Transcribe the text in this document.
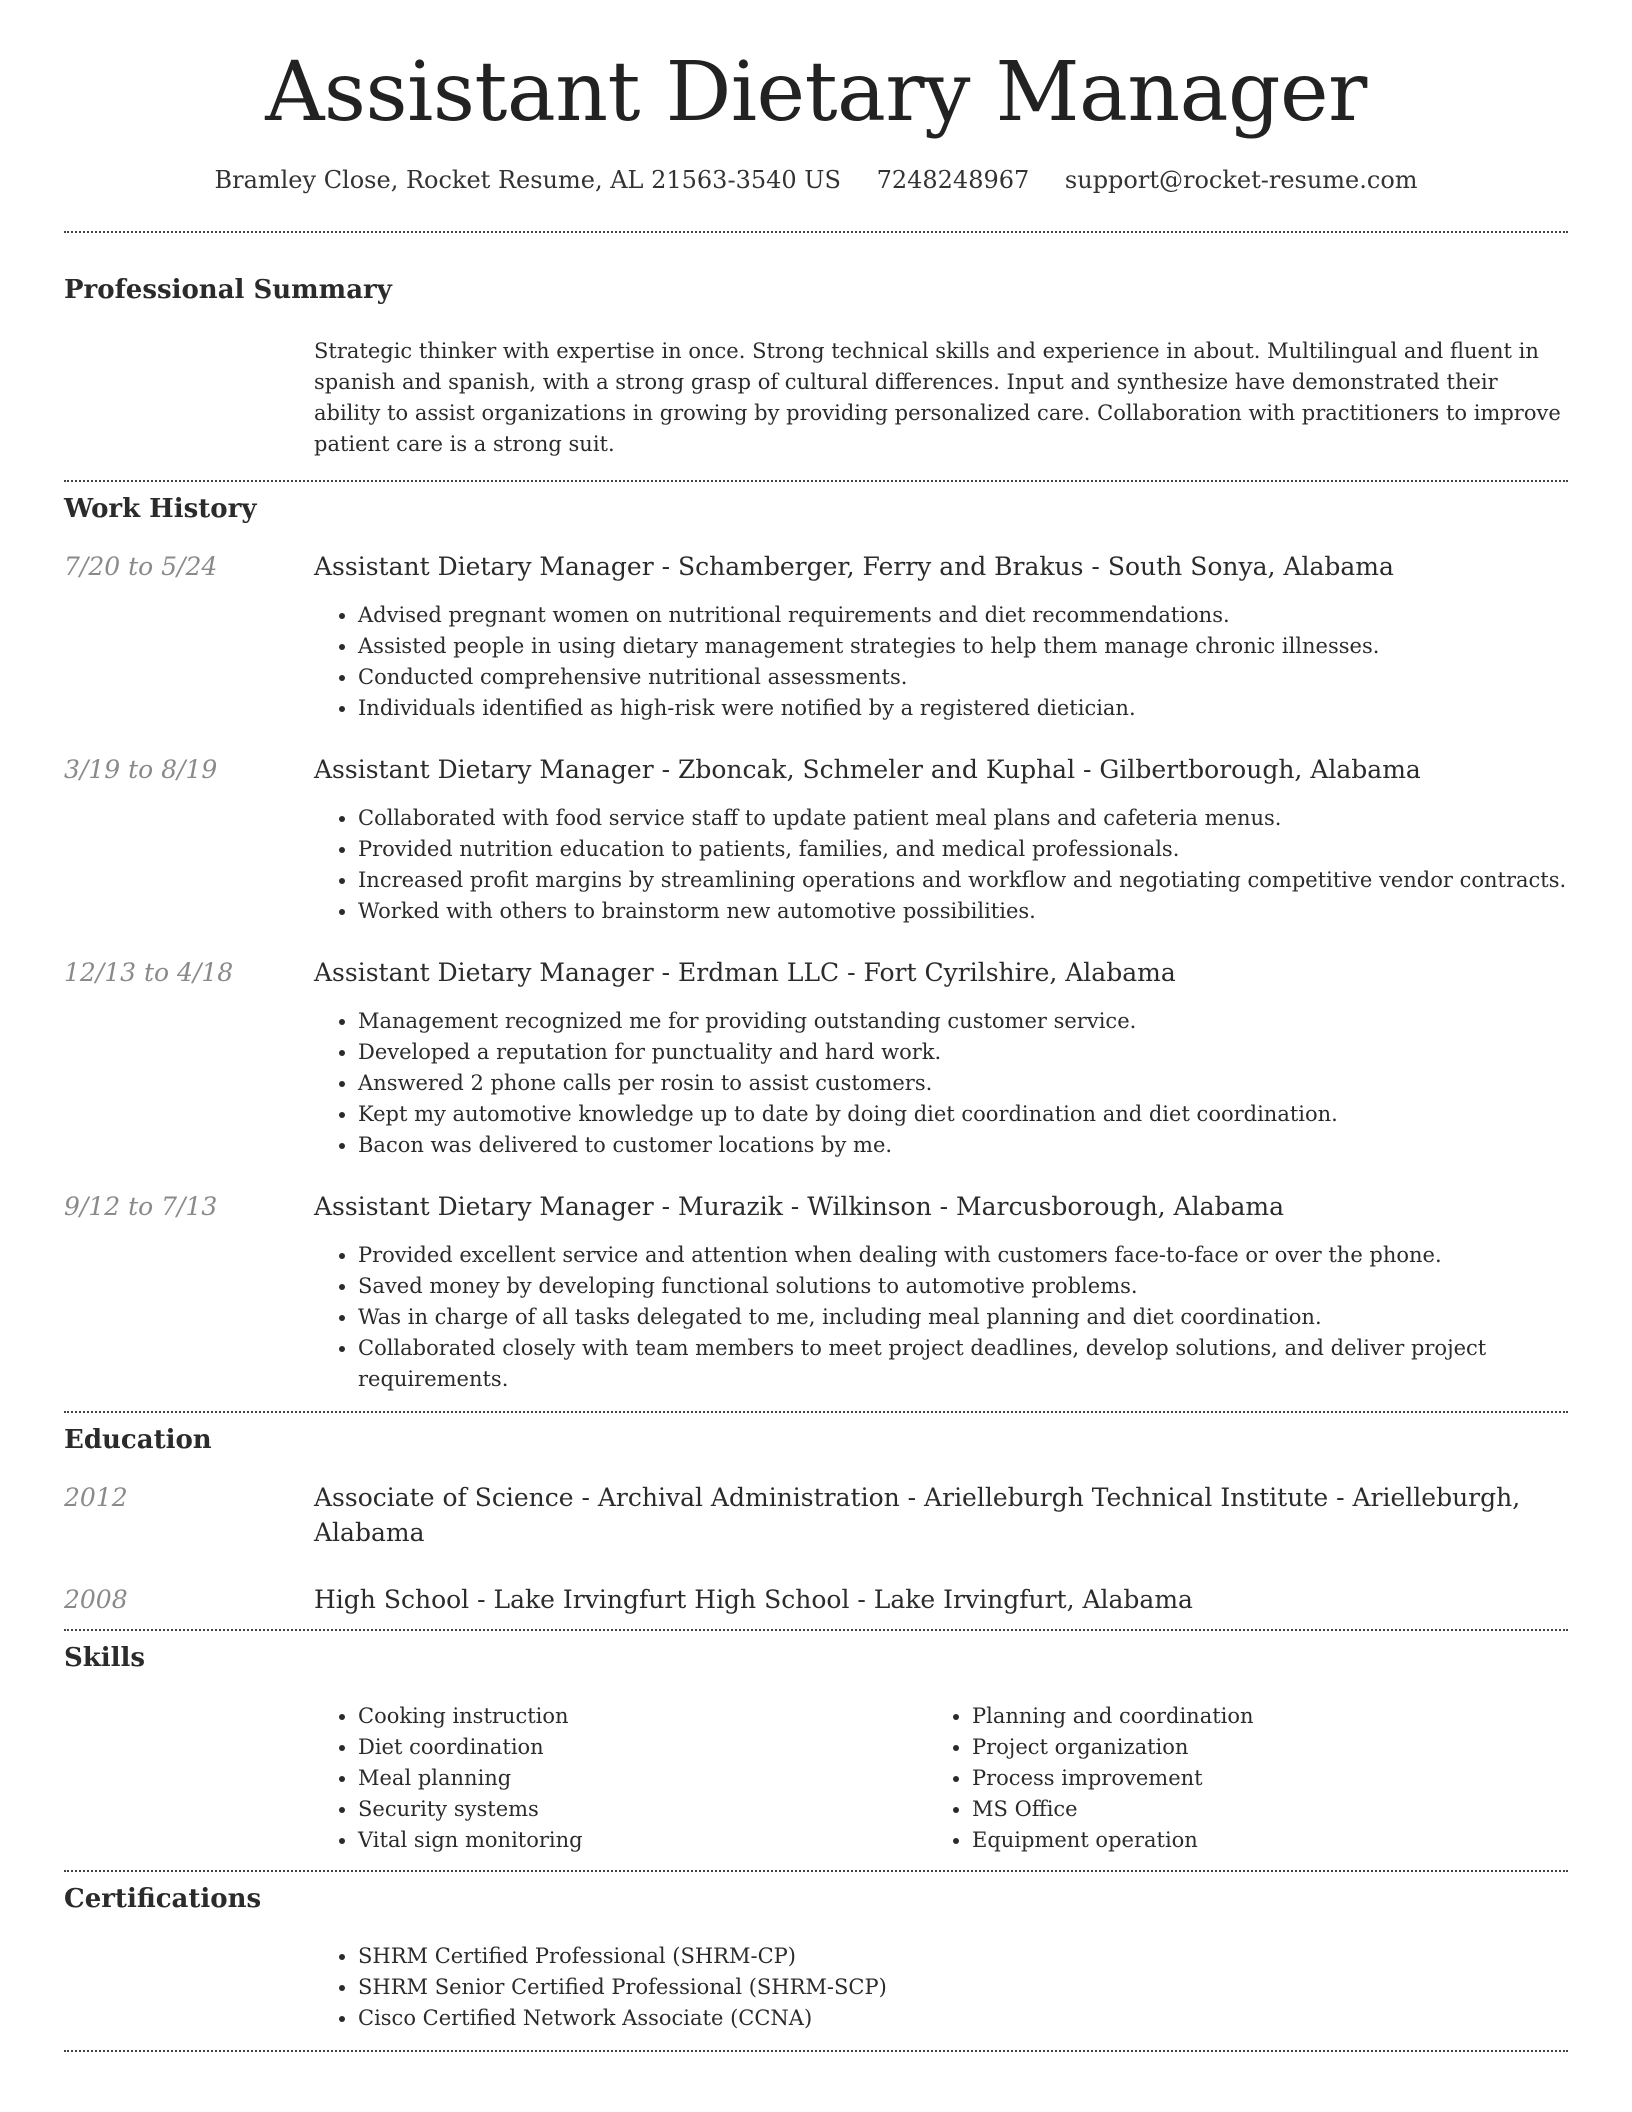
Assistant Dietary Manager
Bramley Close, Rocket Resume, AL 21563-3540 US 7248248967 support@rocket-resume.com
Professional Summary
Strategic thinker with expertise in once. Strong technical skills and experience in about. Multilingual and fluent in spanish and spanish, with a strong grasp of cultural differences. Input and synthesize have demonstrated their ability to assist organizations in growing by providing personalized care. Collaboration with practitioners to improve patient care is a strong suit.
Work History
7/20 to 5/24	Assistant Dietary Manager - Schamberger, Ferry and Brakus - South Sonya, Alabama

• Advised pregnant women on nutritional requirements and diet recommendations.
• Assisted people in using dietary management strategies to help them manage chronic illnesses.
• Conducted comprehensive nutritional assessments.
• Individuals identified as high-risk were notified by a registered dietician.
3/19 to 8/19	Assistant Dietary Manager - Zboncak, Schmeler and Kuphal - Gilbertborough, Alabama

• Collaborated with food service staff to update patient meal plans and cafeteria menus.
• Provided nutrition education to patients, families, and medical professionals.
• Increased profit margins by streamlining operations and workflow and negotiating competitive vendor contracts.
• Worked with others to brainstorm new automotive possibilities.
12/13 to 4/18	Assistant Dietary Manager - Erdman LLC - Fort Cyrilshire, Alabama

• Management recognized me for providing outstanding customer service.
• Developed a reputation for punctuality and hard work.
• Answered 2 phone calls per rosin to assist customers.
• Kept my automotive knowledge up to date by doing diet coordination and diet coordination.
• Bacon was delivered to customer locations by me.
9/12 to 7/13	Assistant Dietary Manager - Murazik - Wilkinson - Marcusborough, Alabama

• Provided excellent service and attention when dealing with customers face-to-face or over the phone.
• Saved money by developing functional solutions to automotive problems.
• Was in charge of all tasks delegated to me, including meal planning and diet coordination.
• Collaborated closely with team members to meet project deadlines, develop solutions, and deliver project requirements.
Education
2012	Associate of Science - Archival Administration - Arielleburgh Technical Institute - Arielleburgh, Alabama

2008	High School - Lake Irvingfurt High School - Lake Irvingfurt, Alabama

Skills
• Cooking instruction
• Diet coordination
• Meal planning
• Security systems
• Vital sign monitoring
• Planning and coordination
• Project organization
• Process improvement
• MS Office
• Equipment operation
Certifications
• SHRM Certified Professional (SHRM-CP)
• SHRM Senior Certified Professional (SHRM-SCP)
• Cisco Certified Network Associate (CCNA)
